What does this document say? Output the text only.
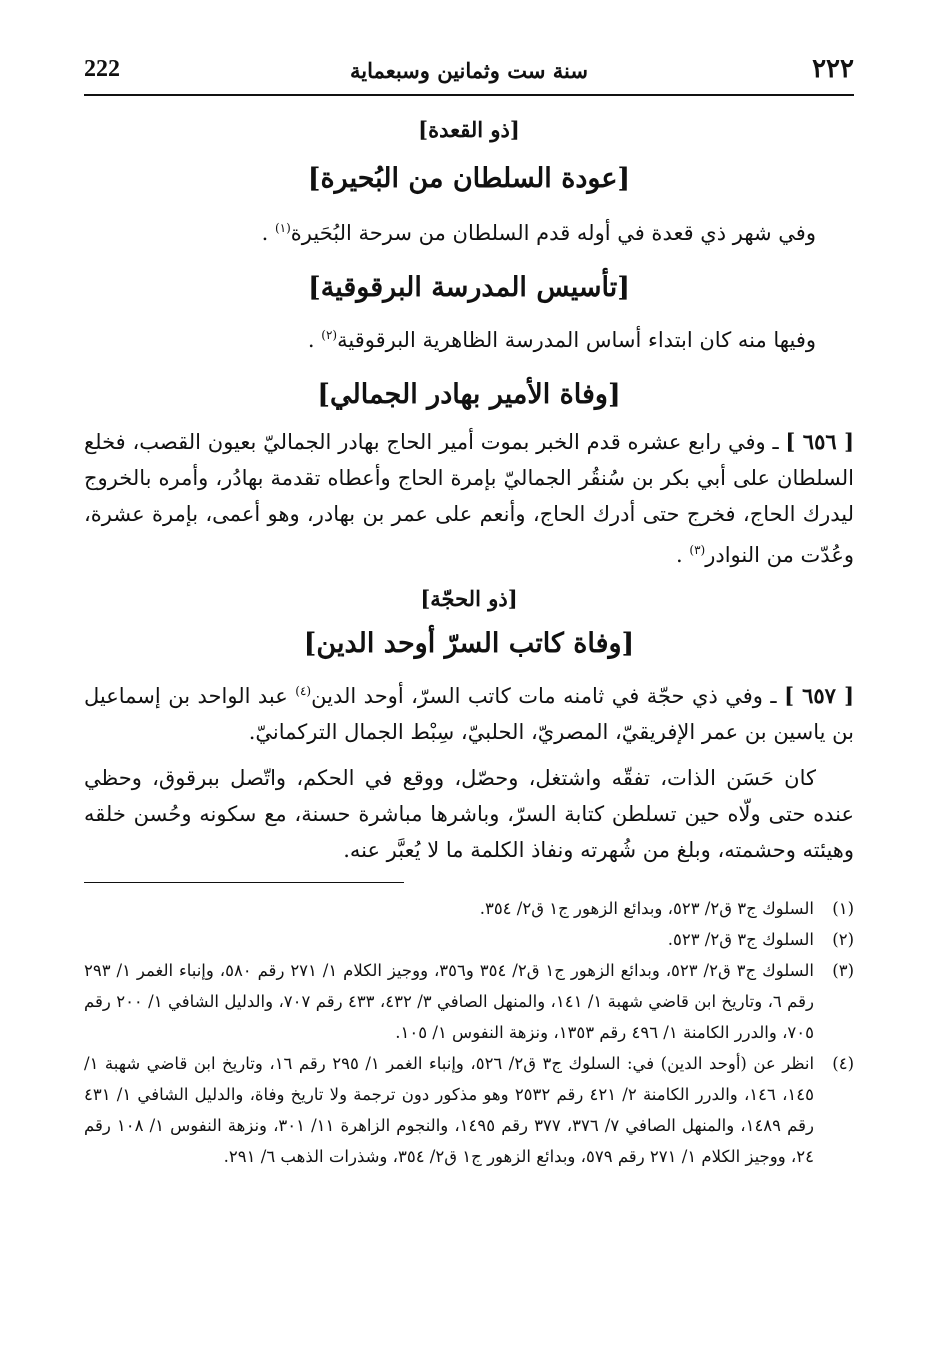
222	سنة ست وثمانين وسبعماية	٢٢٢

[ذو القعدة]

[عودة السلطان من البُحيرة]

وفي شهر ذي قعدة في أوله قدم السلطان من سرحة البُحَيرة$^{(١)}$ .

[تأسيس المدرسة البرقوقية]

وفيها منه كان ابتداء أساس المدرسة الظاهرية البرقوقية$^{(٢)}$ .

[وفاة الأمير بهادر الجمالي]

[ ٦٥٦ ] ـ وفي رابع عشره قدم الخبر بموت أمير الحاج بهادر الجماليّ بعيون القصب، فخلع السلطان على أبي بكر بن سُنقُر الجماليّ بإمرة الحاج وأعطاه تقدمة بهادُر، وأمره بالخروج ليدرك الحاج، فخرج حتى أدرك الحاج، وأنعم على عمر بن بهادر، وهو أعمى، بإمرة عشرة، وعُدّت من النوادر$^{(٣)}$ .

[ذو الحجّة]

[وفاة كاتب السرّ أوحد الدين]

[ ٦٥٧ ] ـ وفي ذي حجّة في ثامنه مات كاتب السرّ، أوحد الدين$^{(٤)}$ عبد الواحد بن إسماعيل بن ياسين بن عمر الإفريقيّ، المصريّ، الحلبيّ، سِبْط الجمال التركمانيّ.

كان حَسَن الذات، تفقّه واشتغل، وحصّل، ووقع في الحكم، واتّصل ببرقوق، وحظي عنده حتى ولّاه حين تسلطن كتابة السرّ، وباشرها مباشرة حسنة، مع سكونه وحُسن خلقه وهيئته وحشمته، وبلغ من شُهرته ونفاذ الكلمة ما لا يُعبَّر عنه.

(١)
السلوك ج٣ ق٢/ ٥٢٣، وبدائع الزهور ج١ ق٢/ ٣٥٤.
(٢)
السلوك ج٣ ق٢/ ٥٢٣.
(٣)
السلوك ج٣ ق٢/ ٥٢٣، وبدائع الزهور ج١ ق٢/ ٣٥٤ و٣٥٦، ووجيز الكلام ١/ ٢٧١ رقم ٥٨٠، وإنباء الغمر ١/ ٢٩٣ رقم ٦، وتاريخ ابن قاضي شهبة ١/ ١٤١، والمنهل الصافي ٣/ ٤٣٢، ٤٣٣ رقم ٧٠٧، والدليل الشافي ١/ ٢٠٠ رقم ٧٠٥، والدرر الكامنة ١/ ٤٩٦ رقم ١٣٥٣، ونزهة النفوس ١/ ١٠٥.
(٤)
انظر عن (أوحد الدين) في: السلوك ج٣ ق٢/ ٥٢٦، وإنباء الغمر ١/ ٢٩٥ رقم ١٦، وتاريخ ابن قاضي شهبة ١/ ١٤٥، ١٤٦، والدرر الكامنة ٢/ ٤٢١ رقم ٢٥٣٢ وهو مذكور دون ترجمة ولا تاريخ وفاة، والدليل الشافي ١/ ٤٣١ رقم ١٤٨٩، والمنهل الصافي ٧/ ٣٧٦، ٣٧٧ رقم ١٤٩٥، والنجوم الزاهرة ١١/ ٣٠١، ونزهة النفوس ١/ ١٠٨ رقم ٢٤، ووجيز الكلام ١/ ٢٧١ رقم ٥٧٩، وبدائع الزهور ج١ ق٢/ ٣٥٤، وشذرات الذهب ٦/ ٢٩١.
